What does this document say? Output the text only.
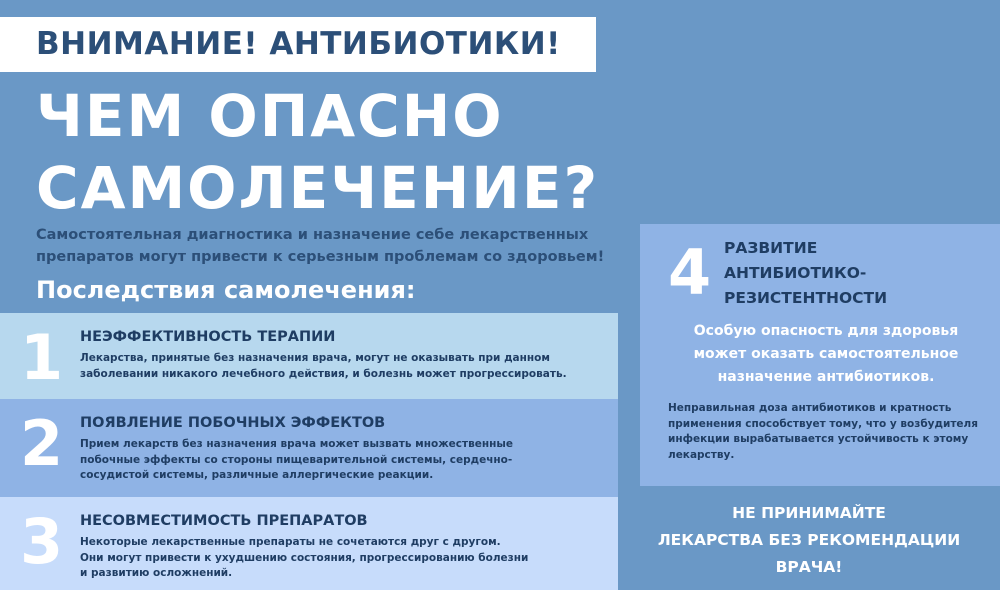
ВНИМАНИЕ! АНТИБИОТИКИ!
ЧЕМ ОПАСНО
САМОЛЕЧЕНИЕ?
Самостоятельная диагностика и назначение себе лекарственных
препаратов могут привести к серьезным проблемам со здоровьем!
Последствия самолечения:
1 НЕЭФФЕКТИВНОСТЬ ТЕРАПИИ
Лекарства, принятые без назначения врача, могут не оказывать при данном
заболевании никакого лечебного действия, и болезнь может прогрессировать.
2 ПОЯВЛЕНИЕ ПОБОЧНЫХ ЭФФЕКТОВ
Прием лекарств без назначения врача может вызвать множественные
побочные эффекты со стороны пищеварительной системы, сердечно-
сосудистой системы, различные аллергические реакции.
3 НЕСОВМЕСТИМОСТЬ ПРЕПАРАТОВ
Некоторые лекарственные препараты не сочетаются друг с другом.
Они могут привести к ухудшению состояния, прогрессированию болезни
и развитию осложнений.
4 РАЗВИТИЕ
АНТИБИОТИКО-
РЕЗИСТЕНТНОСТИ
Особую опасность для здоровья
может оказать самостоятельное
назначение антибиотиков.
Неправильная доза антибиотиков и кратность
применения способствует тому, что у возбудителя
инфекции вырабатывается устойчивость к этому
лекарству.
НЕ ПРИНИМАЙТЕ
ЛЕКАРСТВА БЕЗ РЕКОМЕНДАЦИИ
ВРАЧА!
